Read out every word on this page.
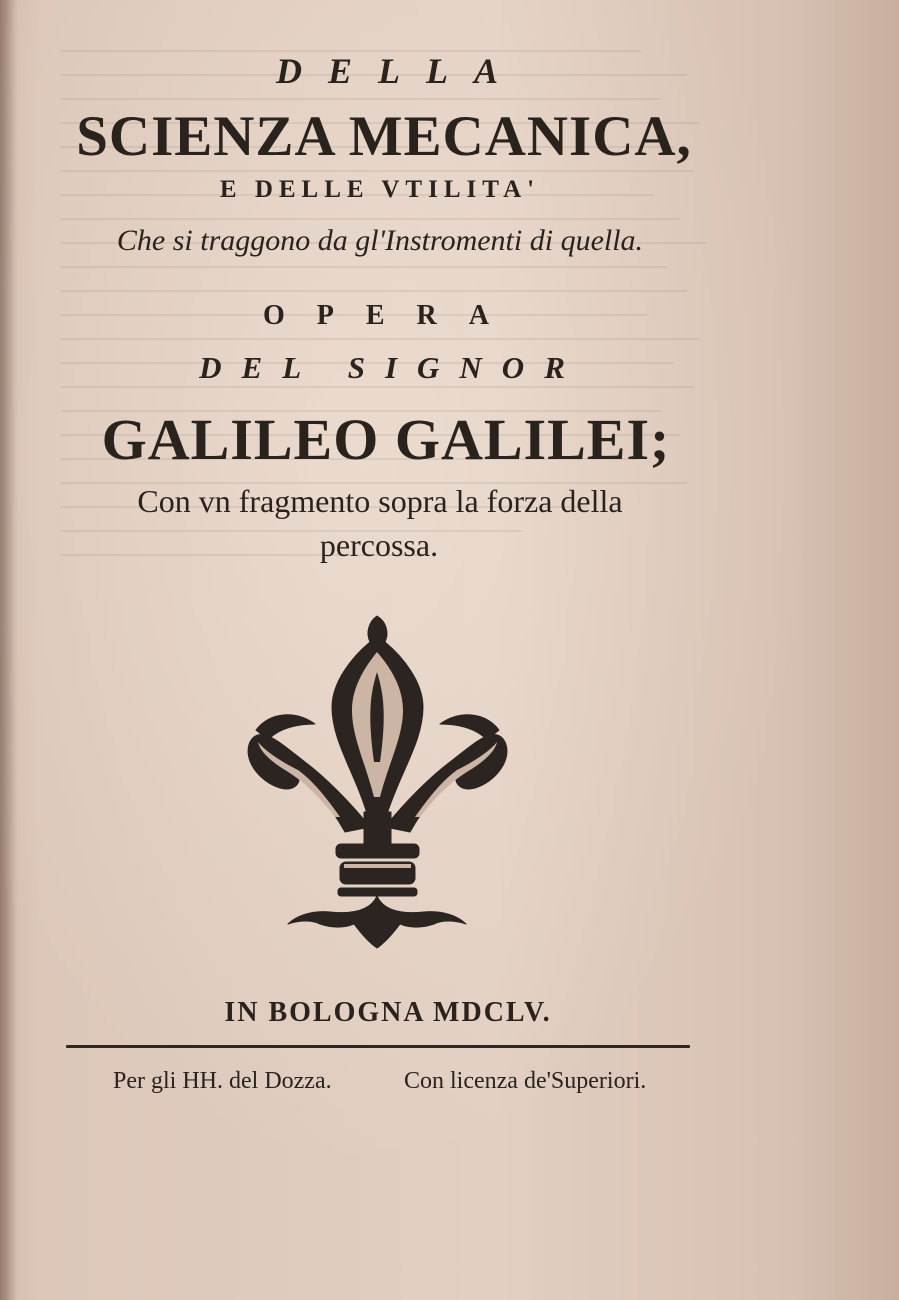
DELLA
SCIENZA MECANICA,
E DELLE VTILITA'
Che si traggono da gl'Instromenti di quella.
OPERA
DEL SIGNOR
GALILEO GALILEI;
Con vn fragmento sopra la forza della
percossa.
IN BOLOGNA MDCLV.
Per gli HH. del Dozza.	Con licenza de'Superiori.
